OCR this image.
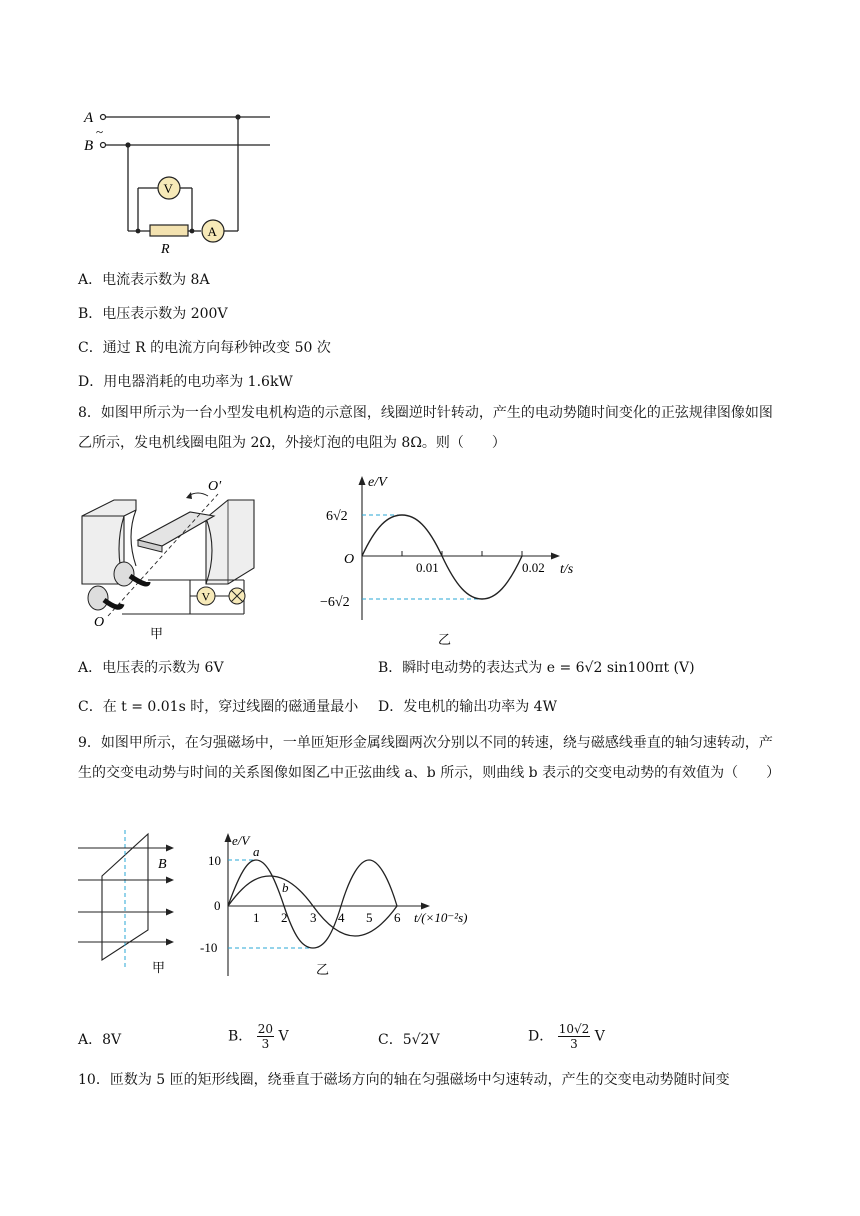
A
B
~
A
V
R
A．电流表示数为 8A
B．电压表示数为 200V
C．通过 R 的电流方向每秒钟改变 50 次
D．用电器消耗的电功率为 1.6kW
8．如图甲所示为一台小型发电机构造的示意图，线圈逆时针转动，产生的电动势随时间变化的正弦规律图像如图乙所示，发电机线圈电阻为 2Ω，外接灯泡的电阻为 8Ω。则（　　）
O′
V
O
甲
e/V
t/s
O
6√2
−6√2
0.01	0.02
乙
A．电压表的示数为 6V	B．瞬时电动势的表达式为 e = 6√2 sin100πt (V)
C．在 t = 0.01s 时，穿过线圈的磁通量最小 D．发电机的输出功率为 4W
9．如图甲所示，在匀强磁场中，一单匝矩形金属线圈两次分别以不同的转速，绕与磁感线垂直的轴匀速转动，产生的交变电动势与时间的关系图像如图乙中正弦曲线 a、b 所示，则曲线 b 表示的交变电动势的有效值为（　　）
B
甲
e/V
10
0
-10
1 2 3 4 5 6 t/(×10⁻²s)
a
b
乙
A．8V	B． $\frac{20}{3}$ V	C．5√2V	D． $\frac{10√2}{3}$ V
10．匝数为 5 匝的矩形线圈，绕垂直于磁场方向的轴在匀强磁场中匀速转动，产生的交变电动势随时间变
